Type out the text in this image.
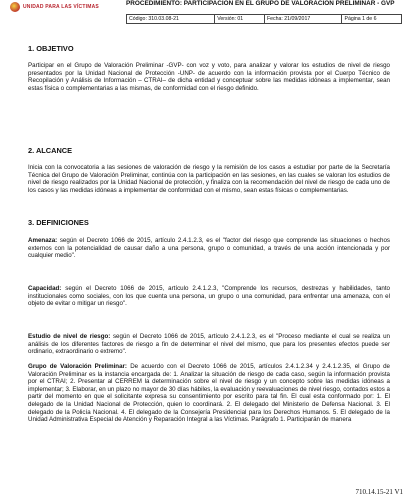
UNIDAD PARA LAS VÍCTIMAS	PROCEDIMIENTO: PARTICIPACIÓN EN EL GRUPO DE VALORACIÓN PRELIMINAR - GVP
Código: 310.03.08-21	Versión: 01	Fecha: 21/09/2017	Página 1 de 6
1. OBJETIVO

Participar en el Grupo de Valoración Preliminar -GVP- con voz y voto, para analizar y valorar los estudios de nivel de riesgo presentados por la Unidad Nacional de Protección -UNP- de acuerdo con la información provista por el Cuerpo Técnico de Recopilación y Análisis de Información – CTRAI– de dicha entidad y conceptuar sobre las medidas idóneas a implementar, sean estas física o complementarias a las mismas, de conformidad con el riesgo definido.

2. ALCANCE

Inicia con la convocatoria a las sesiones de valoración de riesgo y la remisión de los casos a estudiar por parte de la Secretaría Técnica del Grupo de Valoración Preliminar, continúa con la participación en las sesiones, en las cuales se valoran los estudios de nivel de riesgo realizados por la Unidad Nacional de protección, y finaliza con la recomendación del nivel de riesgo de cada uno de los casos y las medidas idóneas a implementar de conformidad con el mismo, sean estas físicas o complementarias.

3. DEFINICIONES

Amenaza: según el Decreto 1066 de 2015, artículo 2.4.1.2.3, es el "factor del riesgo que comprende las situaciones o hechos externos con la potencialidad de causar daño a una persona, grupo o comunidad, a través de una acción intencionada y por cualquier medio".

Capacidad: según el Decreto 1066 de 2015, artículo 2.4.1.2.3, "Comprende los recursos, destrezas y habilidades, tanto institucionales como sociales, con los que cuenta una persona, un grupo o una comunidad, para enfrentar una amenaza, con el objeto de evitar o mitigar un riesgo".

Estudio de nivel de riesgo: según el Decreto 1066 de 2015, artículo 2.4.1.2.3, es el "Proceso mediante el cual se realiza un análisis de los diferentes factores de riesgo a fin de determinar el nivel del mismo, que para los presentes efectos puede ser ordinario, extraordinario o extremo".

Grupo de Valoración Preliminar: De acuerdo con el Decreto 1066 de 2015, artículos 2.4.1.2.34 y 2.4.1.2.35, el Grupo de Valoración Preliminar es la instancia encargada de: 1. Analizar la situación de riesgo de cada caso, según la información provista por el CTRAI; 2. Presentar al CERREM la determinación sobre el nivel de riesgo y un concepto sobre las medidas idóneas a implementar; 3. Elaborar, en un plazo no mayor de 30 días hábiles, la evaluación y reevaluaciones de nivel riesgo, contados estos a partir del momento en que el solicitante expresa su consentimiento por escrito para tal fin. El cual esta conformado por: 1. El delegado de la Unidad Nacional de Protección, quien lo coordinará. 2. El delegado del Ministerio de Defensa Nacional. 3. El delegado de la Policía Nacional. 4. El delegado de la Consejería Presidencial para los Derechos Humanos. 5. El delegado de la Unidad Administrativa Especial de Atención y Reparación Integral a las Víctimas. Parágrafo 1. Participarán de manera

710.14.15-21 V1
